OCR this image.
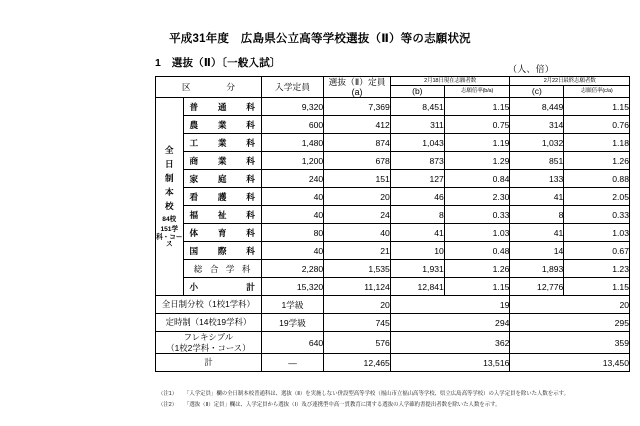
平成31年度　広島県公立高等学校選抜（Ⅱ）等の志願状況
1　選抜（Ⅱ）〔一般入試〕	（人、倍）
区　　分		入学定員	選抜（Ⅱ）定員
(a)	2月18日現在志願者数		2月22日最終志願者数	
				(b)	志願倍率(b/a)	(c)	志願倍率(c/a)

全
日
制
本
校
84校
151学科・コース

普 通 科	9,320	7,369	8,451	1.15	8,449	1.15

	農 業 科	600	412	311	0.75	314	0.76

	工 業 科	1,480	874	1,043	1.19	1,032	1.18

	商 業 科	1,200	678	873	1.29	851	1.26

	家 庭 科	240	151	127	0.84	133	0.88

	看 護 科	40	20	46	2.30	41	2.05

	福 祉 科	40	24	8	0.33	8	0.33

	体 育 科	80	40	41	1.03	41	1.03

	国 際 科	40	21	10	0.48	14	0.67
	総 合 学 科	2,280	1,535	1,931	1.26	1,893	1.23

	小 計	15,320	11,124	12,841	1.15	12,776	1.15
全日制分校（1校1学科）		1学級	20	19		20	
定時制（14校19学科）		19学級	745	294		295	
フレキシブル
（1校2学科・コース）		640	576	362		359	
計		―	12,465	13,516		13,450	
（注1）	「入学定員」欄の全日制本校普通科は、選抜（Ⅱ）を実施しない併設型高等学校（福山市立福山高等学校、県立広島高等学校）の入学定員を除いた人数を示す。
（注2）	「選抜（Ⅱ）定員」欄は、入学定員から選抜（Ⅰ）及び連携型中高一貫教育に関する選抜の入学確約書提出者数を除いた人数を示す。
